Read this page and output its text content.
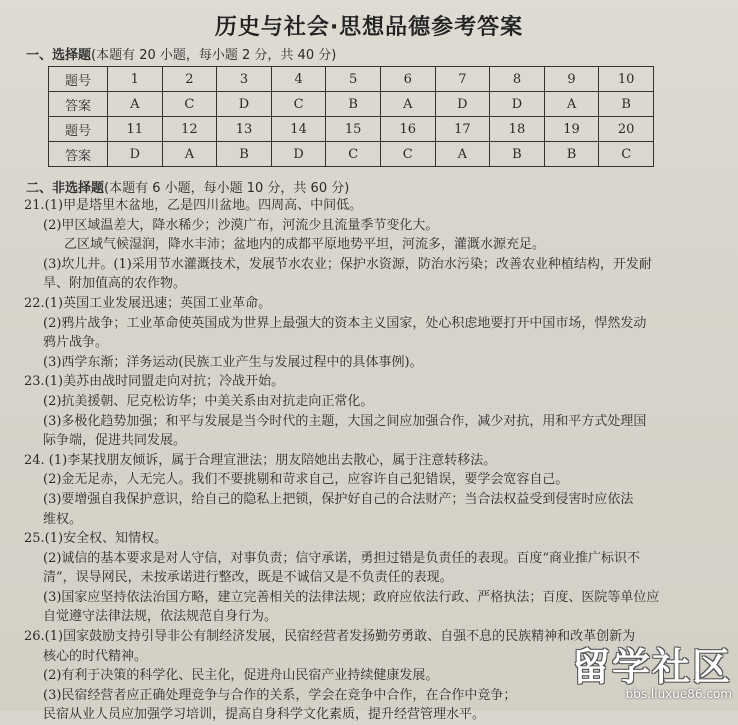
历史与社会·思想品德参考答案
一、选择题(本题有 20 小题，每小题 2 分，共 40 分)
题号	1	2	3	4	5	6	7	8	9	10
答案	A	C	D	C	B	A	D	D	A	B
题号	11	12	13	14	15	16	17	18	19	20
答案	D	A	B	D	C	C	A	B	B	C
二、非选择题(本题有 6 小题，每小题 10 分，共 60 分)
21.(1)甲是塔里木盆地，乙是四川盆地。四周高、中间低。
(2)甲区域温差大，降水稀少；沙漠广布，河流少且流量季节变化大。
乙区域气候湿润，降水丰沛；盆地内的成都平原地势平坦，河流多，灌溉水源充足。
(3)坎儿井。(1)采用节水灌溉技术，发展节水农业；保护水资源，防治水污染；改善农业种植结构，开发耐
旱、附加值高的农作物。
22.(1)英国工业发展迅速；英国工业革命。
(2)鸦片战争；工业革命使英国成为世界上最强大的资本主义国家，处心积虑地要打开中国市场，悍然发动
鸦片战争。
(3)西学东渐；洋务运动(民族工业产生与发展过程中的具体事例)。
23.(1)美苏由战时同盟走向对抗；冷战开始。
(2)抗美援朝、尼克松访华；中美关系由对抗走向正常化。
(3)多极化趋势加强；和平与发展是当今时代的主题，大国之间应加强合作，减少对抗，用和平方式处理国
际争端，促进共同发展。
24. (1)李某找朋友倾诉，属于合理宣泄法；朋友陪她出去散心，属于注意转移法。
(2)金无足赤，人无完人。我们不要挑剔和苛求自己，应容许自己犯错误，要学会宽容自己。
(3)要增强自我保护意识，给自己的隐私上把锁，保护好自己的合法财产；当合法权益受到侵害时应依法
维权。
25.(1)安全权、知情权。
(2)诚信的基本要求是对人守信，对事负责；信守承诺，勇担过错是负责任的表现。百度“商业推广标识不
清”，误导网民，未按承诺进行整改，既是不诚信又是不负责任的表现。
(3)国家应坚持依法治国方略，建立完善相关的法律法规；政府应依法行政、严格执法；百度、医院等单位应
自觉遵守法律法规，依法规范自身行为。
26.(1)国家鼓励支持引导非公有制经济发展，民宿经营者发扬勤劳勇敢、自强不息的民族精神和改革创新为
核心的时代精神。
(2)有利于决策的科学化、民主化，促进舟山民宿产业持续健康发展。
(3)民宿经营者应正确处理竞争与合作的关系，学会在竞争中合作，在合作中竞争；
民宿从业人员应加强学习培训，提高自身科学文化素质，提升经营管理水平。
留学社区
bbs.liuxue86.com
